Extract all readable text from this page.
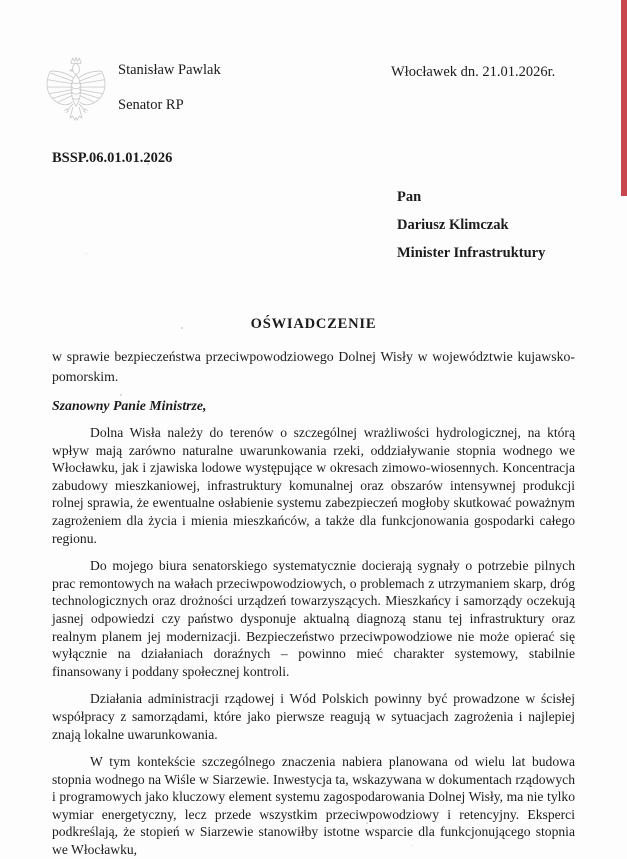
Stanisław Pawlak
Senator RP
Włocławek dn. 21.01.2026r.
BSSP.06.01.01.2026
Pan
Dariusz Klimczak
Minister Infrastruktury
OŚWIADCZENIE

w sprawie bezpieczeństwa przeciwpowodziowego Dolnej Wisły w województwie kujawsko-pomorskim.

Szanowny Panie Ministrze,

Dolna Wisła należy do terenów o szczególnej wrażliwości hydrologicznej, na którą wpływ mają zarówno naturalne uwarunkowania rzeki, oddziaływanie stopnia wodnego we Włocławku, jak i zjawiska lodowe występujące w okresach zimowo-wiosennych. Koncentracja zabudowy mieszkaniowej, infrastruktury komunalnej oraz obszarów intensywnej produkcji rolnej sprawia, że ewentualne osłabienie systemu zabezpieczeń mogłoby skutkować poważnym zagrożeniem dla życia i mienia mieszkańców, a także dla funkcjonowania gospodarki całego regionu.

Do mojego biura senatorskiego systematycznie docierają sygnały o potrzebie pilnych prac remontowych na wałach przeciwpowodziowych, o problemach z utrzymaniem skarp, dróg technologicznych oraz drożności urządzeń towarzyszących. Mieszkańcy i samorządy oczekują jasnej odpowiedzi czy państwo dysponuje aktualną diagnozą stanu tej infrastruktury oraz realnym planem jej modernizacji. Bezpieczeństwo przeciwpowodziowe nie może opierać się wyłącznie na działaniach doraźnych – powinno mieć charakter systemowy, stabilnie finansowany i poddany społecznej kontroli.

Działania administracji rządowej i Wód Polskich powinny być prowadzone w ścisłej współpracy z samorządami, które jako pierwsze reagują w sytuacjach zagrożenia i najlepiej znają lokalne uwarunkowania.

W tym kontekście szczególnego znaczenia nabiera planowana od wielu lat budowa stopnia wodnego na Wiśle w Siarzewie. Inwestycja ta, wskazywana w dokumentach rządowych i programowych jako kluczowy element systemu zagospodarowania Dolnej Wisły, ma nie tylko wymiar energetyczny, lecz przede wszystkim przeciwpowodziowy i retencyjny. Eksperci podkreślają, że stopień w Siarzewie stanowiłby istotne wsparcie dla funkcjonującego stopnia we Włocławku,
